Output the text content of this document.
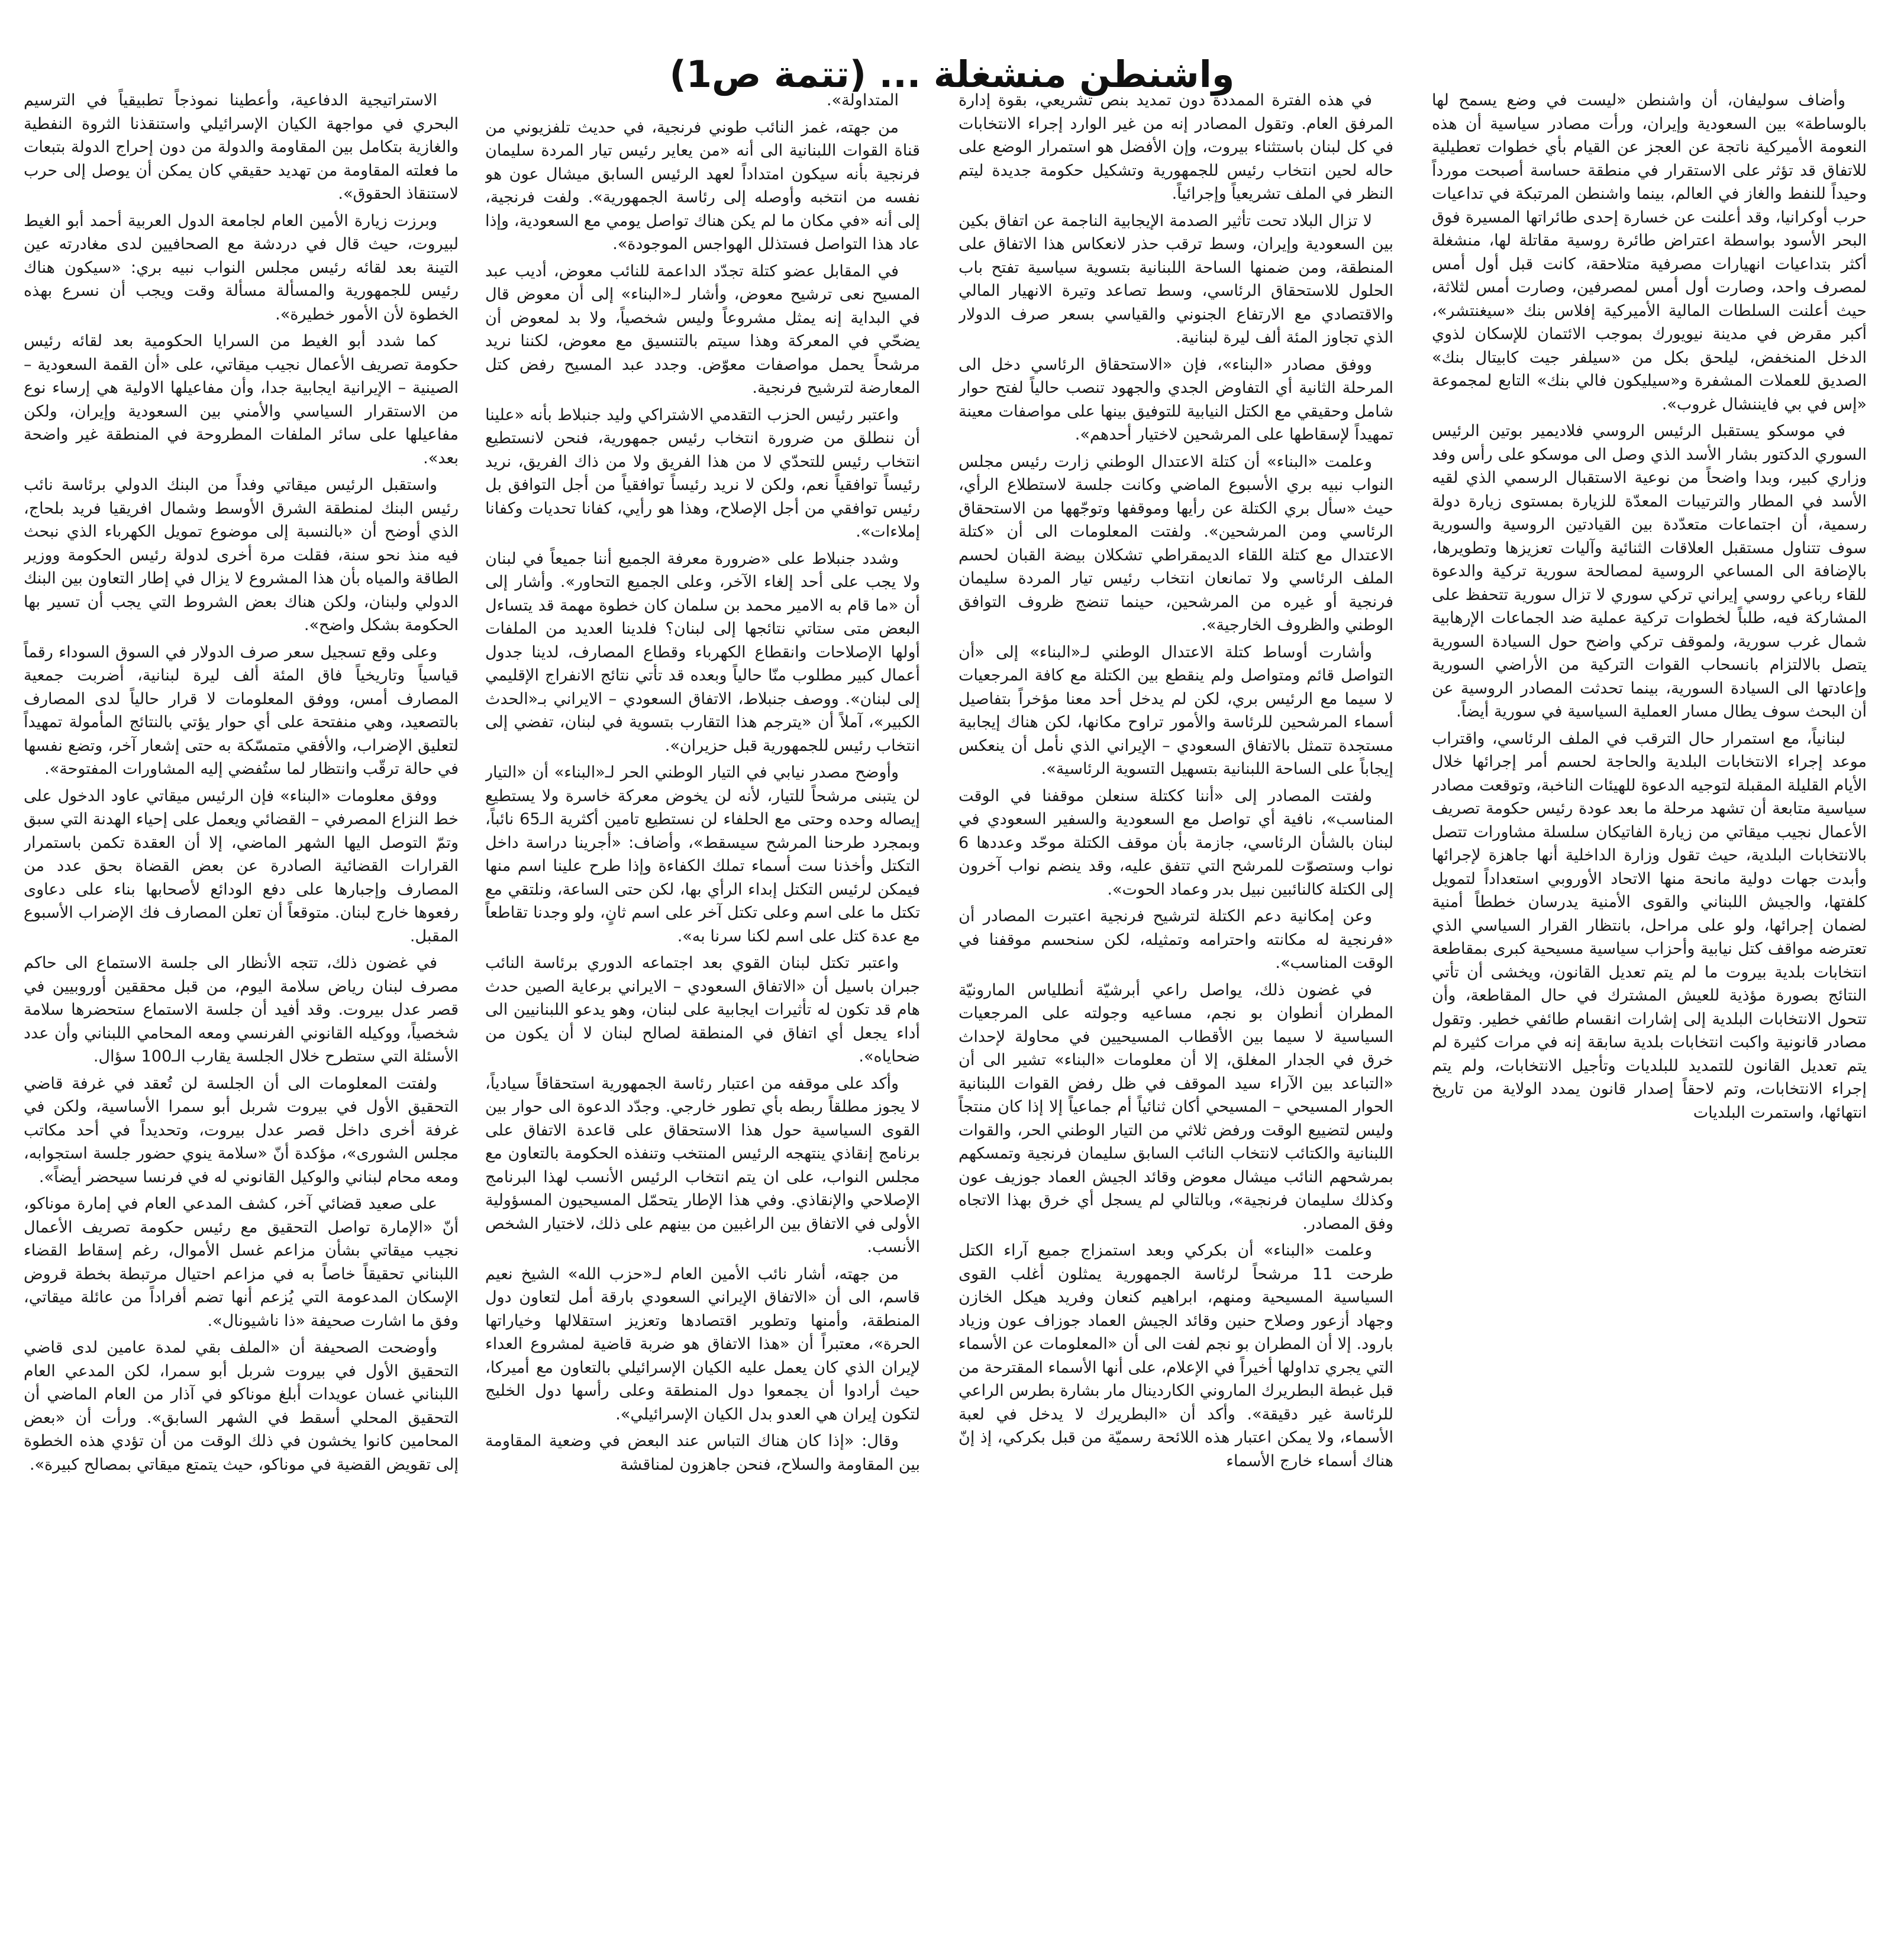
واشنطن منشغلة ... (تتمة ص1)

وأضاف سوليفان، أن واشنطن «ليست في وضع يسمح لها بالوساطة» بين السعودية وإيران، ورأت مصادر سياسية أن هذه النعومة الأميركية ناتجة عن العجز عن القيام بأي خطوات تعطيلية للاتفاق قد تؤثر على الاستقرار في منطقة حساسة أصبحت مورداً وحيداً للنفط والغاز في العالم، بينما واشنطن المرتبكة في تداعيات حرب أوكرانيا، وقد أعلنت عن خسارة إحدى طائراتها المسيرة فوق البحر الأسود بواسطة اعتراض طائرة روسية مقاتلة لها، منشغلة أكثر بتداعيات انهيارات مصرفية متلاحقة، كانت قبل أول أمس لمصرف واحد، وصارت أول أمس لمصرفين، وصارت أمس لثلاثة، حيث أعلنت السلطات المالية الأميركية إفلاس بنك «سيغنتشر»، أكبر مقرض في مدينة نيويورك بموجب الائتمان للإسكان لذوي الدخل المنخفض، ليلحق بكل من «سيلفر جيت كابيتال بنك» الصديق للعملات المشفرة و«سيليكون فالي بنك» التابع لمجموعة «إس في بي فايننشال غروب».

في موسكو يستقبل الرئيس الروسي فلاديمير بوتين الرئيس السوري الدكتور بشار الأسد الذي وصل الى موسكو على رأس وفد وزاري كبير، وبدا واضحاً من نوعية الاستقبال الرسمي الذي لقيه الأسد في المطار والترتيبات المعدّة للزيارة بمستوى زيارة دولة رسمية، أن اجتماعات متعدّدة بين القيادتين الروسية والسورية سوف تتناول مستقبل العلاقات الثنائية وآليات تعزيزها وتطويرها، بالإضافة الى المساعي الروسية لمصالحة سورية تركية والدعوة للقاء رباعي روسي إيراني تركي سوري لا تزال سورية تتحفظ على المشاركة فيه، طلباً لخطوات تركية عملية ضد الجماعات الإرهابية شمال غرب سورية، ولموقف تركي واضح حول السيادة السورية يتصل بالالتزام بانسحاب القوات التركية من الأراضي السورية وإعادتها الى السيادة السورية، بينما تحدثت المصادر الروسية عن أن البحث سوف يطال مسار العملية السياسية في سورية أيضاً.

لبنانياً، مع استمرار حال الترقب في الملف الرئاسي، واقتراب موعد إجراء الانتخابات البلدية والحاجة لحسم أمر إجرائها خلال الأيام القليلة المقبلة لتوجيه الدعوة للهيئات الناخبة، وتوقعت مصادر سياسية متابعة أن تشهد مرحلة ما بعد عودة رئيس حكومة تصريف الأعمال نجيب ميقاتي من زيارة الفاتيكان سلسلة مشاورات تتصل بالانتخابات البلدية، حيث تقول وزارة الداخلية أنها جاهزة لإجرائها وأبدت جهات دولية مانحة منها الاتحاد الأوروبي استعداداً لتمويل كلفتها، والجيش اللبناني والقوى الأمنية يدرسان خططاً أمنية لضمان إجرائها، ولو على مراحل، بانتظار القرار السياسي الذي تعترضه مواقف كتل نيابية وأحزاب سياسية مسيحية كبرى بمقاطعة انتخابات بلدية بيروت ما لم يتم تعديل القانون، ويخشى أن تأتي النتائج بصورة مؤذية للعيش المشترك في حال المقاطعة، وأن تتحول الانتخابات البلدية إلى إشارات انقسام طائفي خطير. وتقول مصادر قانونية واكبت انتخابات بلدية سابقة إنه في مرات كثيرة لم يتم تعديل القانون للتمديد للبلديات وتأجيل الانتخابات، ولم يتم إجراء الانتخابات، وتم لاحقاً إصدار قانون يمدد الولاية من تاريخ انتهائها، واستمرت البلديات

في هذه الفترة الممددة دون تمديد بنص تشريعي، بقوة إدارة المرفق العام. وتقول المصادر إنه من غير الوارد إجراء الانتخابات في كل لبنان باستثناء بيروت، وإن الأفضل هو استمرار الوضع على حاله لحين انتخاب رئيس للجمهورية وتشكيل حكومة جديدة ليتم النظر في الملف تشريعياً وإجرائياً.

لا تزال البلاد تحت تأثير الصدمة الإيجابية الناجمة عن اتفاق بكين بين السعودية وإيران، وسط ترقب حذر لانعكاس هذا الاتفاق على المنطقة، ومن ضمنها الساحة اللبنانية بتسوية سياسية تفتح باب الحلول للاستحقاق الرئاسي، وسط تصاعد وتيرة الانهيار المالي والاقتصادي مع الارتفاع الجنوني والقياسي بسعر صرف الدولار الذي تجاوز المئة ألف ليرة لبنانية.

ووفق مصادر «البناء»، فإن «الاستحقاق الرئاسي دخل الى المرحلة الثانية أي التفاوض الجدي والجهود تنصب حالياً لفتح حوار شامل وحقيقي مع الكتل النيابية للتوفيق بينها على مواصفات معينة تمهيداً لإسقاطها على المرشحين لاختيار أحدهم».

وعلمت «البناء» أن كتلة الاعتدال الوطني زارت رئيس مجلس النواب نبيه بري الأسبوع الماضي وكانت جلسة لاستطلاع الرأي، حيث «سأل بري الكتلة عن رأيها وموقفها وتوجّهها من الاستحقاق الرئاسي ومن المرشحين». ولفتت المعلومات الى أن «كتلة الاعتدال مع كتلة اللقاء الديمقراطي تشكلان بيضة القبان لحسم الملف الرئاسي ولا تمانعان انتخاب رئيس تيار المردة سليمان فرنجية أو غيره من المرشحين، حينما تنضج ظروف التوافق الوطني والظروف الخارجية».

وأشارت أوساط كتلة الاعتدال الوطني لـ«البناء» إلى «أن التواصل قائم ومتواصل ولم ينقطع بين الكتلة مع كافة المرجعيات لا سيما مع الرئيس بري، لكن لم يدخل أحد معنا مؤخراً بتفاصيل أسماء المرشحين للرئاسة والأمور تراوح مكانها، لكن هناك إيجابية مستجدة تتمثل بالاتفاق السعودي – الإيراني الذي نأمل أن ينعكس إيجاباً على الساحة اللبنانية بتسهيل التسوية الرئاسية».

ولفتت المصادر إلى «أننا ككتلة سنعلن موقفنا في الوقت المناسب»، نافية أي تواصل مع السعودية والسفير السعودي في لبنان بالشأن الرئاسي، جازمة بأن موقف الكتلة موحّد وعددها 6 نواب وستصوّت للمرشح التي تتفق عليه، وقد ينضم نواب آخرون إلى الكتلة كالنائبين نبيل بدر وعماد الحوت».

وعن إمكانية دعم الكتلة لترشيح فرنجية اعتبرت المصادر أن «فرنجية له مكانته واحترامه وتمثيله، لكن سنحسم موقفنا في الوقت المناسب».

في غضون ذلك، يواصل راعي أبرشيّة أنطلياس المارونيّة المطران أنطوان بو نجم، مساعيه وجولته على المرجعيات السياسية لا سيما بين الأقطاب المسيحيين في محاولة لإحداث خرق في الجدار المغلق، إلا أن معلومات «البناء» تشير الى أن «التباعد بين الآراء سيد الموقف في ظل رفض القوات اللبنانية الحوار المسيحي – المسيحي أكان ثنائياً أم جماعياً إلا إذا كان منتجاً وليس لتضييع الوقت ورفض ثلاثي من التيار الوطني الحر، والقوات اللبنانية والكتائب لانتخاب النائب السابق سليمان فرنجية وتمسكهم بمرشحهم النائب ميشال معوض وقائد الجيش العماد جوزيف عون وكذلك سليمان فرنجية»، وبالتالي لم يسجل أي خرق بهذا الاتجاه وفق المصادر.

وعلمت «البناء» أن بكركي وبعد استمزاج جميع آراء الكتل طرحت 11 مرشحاً لرئاسة الجمهورية يمثلون أغلب القوى السياسية المسيحية ومنهم، ابراهيم كنعان وفريد هيكل الخازن وجهاد أزعور وصلاح حنين وقائد الجيش العماد جوزاف عون وزياد بارود. إلا أن المطران بو نجم لفت الى أن «المعلومات عن الأسماء التي يجري تداولها أخيراً في الإعلام، على أنها الأسماء المقترحة من قبل غبطة البطريرك الماروني الكاردينال مار بشارة بطرس الراعي للرئاسة غير دقيقة». وأكد أن «البطريرك لا يدخل في لعبة الأسماء، ولا يمكن اعتبار هذه اللائحة رسميّة من قبل بكركي، إذ إنّ هناك أسماء خارج الأسماء

المتداولة».

من جهته، غمز النائب طوني فرنجية، في حديث تلفزيوني من قناة القوات اللبنانية الى أنه «من يعاير رئيس تيار المردة سليمان فرنجية بأنه سيكون امتداداً لعهد الرئيس السابق ميشال عون هو نفسه من انتخبه وأوصله إلى رئاسة الجمهورية». ولفت فرنجية، إلى أنه «في مكان ما لم يكن هناك تواصل يومي مع السعودية، وإذا عاد هذا التواصل فستذلل الهواجس الموجودة».

في المقابل عضو كتلة تجدّد الداعمة للنائب معوض، أديب عبد المسيح نعى ترشيح معوض، وأشار لـ«البناء» إلى أن معوض قال في البداية إنه يمثل مشروعاً وليس شخصياً، ولا بد لمعوض أن يضحّي في المعركة وهذا سيتم بالتنسيق مع معوض، لكننا نريد مرشحاً يحمل مواصفات معوّض. وجدد عبد المسيح رفض كتل المعارضة لترشيح فرنجية.

واعتبر رئيس الحزب التقدمي الاشتراكي وليد جنبلاط بأنه «علينا أن ننطلق من ضرورة انتخاب رئيس جمهورية، فنحن لانستطيع انتخاب رئيس للتحدّي لا من هذا الفريق ولا من ذاك الفريق، نريد رئيساً توافقياً نعم، ولكن لا نريد رئيساً توافقياً من أجل التوافق بل رئيس توافقي من أجل الإصلاح، وهذا هو رأيي، كفانا تحديات وكفانا إملاءات».

وشدد جنبلاط على «ضرورة معرفة الجميع أننا جميعاً في لبنان ولا يجب على أحد إلغاء الآخر، وعلى الجميع التحاور». وأشار إلى أن «ما قام به الامير محمد بن سلمان كان خطوة مهمة قد يتساءل البعض متى ستاتي نتائجها إلى لبنان؟ فلدينا العديد من الملفات أولها الإصلاحات وانقطاع الكهرباء وقطاع المصارف، لدينا جدول أعمال كبير مطلوب منّا حالياً وبعده قد تأتي نتائج الانفراج الإقليمي إلى لبنان». ووصف جنبلاط، الاتفاق السعودي – الايراني بـ«الحدث الكبير»، آملاً أن «يترجم هذا التقارب بتسوية في لبنان، تفضي إلى انتخاب رئيس للجمهورية قبل حزيران».

وأوضح مصدر نيابي في التيار الوطني الحر لـ«البناء» أن «التيار لن يتبنى مرشحاً للتيار، لأنه لن يخوض معركة خاسرة ولا يستطيع إيصاله وحده وحتى مع الحلفاء لن نستطيع تامين أكثرية الـ65 نائباً، وبمجرد طرحنا المرشح سيسقط»، وأضاف: «أجرينا دراسة داخل التكتل وأخذنا ست أسماء تملك الكفاءة وإذا طرح علينا اسم منها فيمكن لرئيس التكتل إبداء الرأي بها، لكن حتى الساعة، ونلتقي مع تكتل ما على اسم وعلى تكتل آخر على اسم ثانٍ، ولو وجدنا تقاطعاً مع عدة كتل على اسم لكنا سرنا به».

واعتبر تكتل لبنان القوي بعد اجتماعه الدوري برئاسة النائب جبران باسيل أن «الاتفاق السعودي – الايراني برعاية الصين حدث هام قد تكون له تأثيرات ايجابية على لبنان، وهو يدعو اللبنانيين الى أداء يجعل أي اتفاق في المنطقة لصالح لبنان لا أن يكون من ضحاياه».

وأكد على موقفه من اعتبار رئاسة الجمهورية استحقاقاً سيادياً، لا يجوز مطلقاً ربطه بأي تطور خارجي. وجدّد الدعوة الى حوار بين القوى السياسية حول هذا الاستحقاق على قاعدة الاتفاق على برنامج إنقاذي ينتهجه الرئيس المنتخب وتنفذه الحكومة بالتعاون مع مجلس النواب، على ان يتم انتخاب الرئيس الأنسب لهذا البرنامج الإصلاحي والإنقاذي. وفي هذا الإطار يتحمّل المسيحيون المسؤولية الأولى في الاتفاق بين الراغبين من بينهم على ذلك، لاختيار الشخص الأنسب.

من جهته، أشار نائب الأمين العام لـ«حزب الله» الشيخ نعيم قاسم، الى أن «الاتفاق الإيراني السعودي بارقة أمل لتعاون دول المنطقة، وأمنها وتطوير اقتصادها وتعزيز استقلالها وخياراتها الحرة»، معتبراً أن «هذا الاتفاق هو ضربة قاضية لمشروع العداء لإيران الذي كان يعمل عليه الكيان الإسرائيلي بالتعاون مع أميركا، حيث أرادوا أن يجمعوا دول المنطقة وعلى رأسها دول الخليج لتكون إيران هي العدو بدل الكيان الإسرائيلي».

وقال: «إذا كان هناك التباس عند البعض في وضعية المقاومة بين المقاومة والسلاح، فنحن جاهزون لمناقشة

الاستراتيجية الدفاعية، وأعطينا نموذجاً تطبيقياً في الترسيم البحري في مواجهة الكيان الإسرائيلي واستنقذنا الثروة النفطية والغازية بتكامل بين المقاومة والدولة من دون إحراج الدولة بتبعات ما فعلته المقاومة من تهديد حقيقي كان يمكن أن يوصل إلى حرب لاستنقاذ الحقوق».

وبرزت زيارة الأمين العام لجامعة الدول العربية أحمد أبو الغيط لبيروت، حيث قال في دردشة مع الصحافيين لدى مغادرته عين التينة بعد لقائه رئيس مجلس النواب نبيه بري: «سيكون هناك رئيس للجمهورية والمسألة مسألة وقت ويجب أن نسرع بهذه الخطوة لأن الأمور خطيرة».

كما شدد أبو الغيط من السرايا الحكومية بعد لقائه رئيس حكومة تصريف الأعمال نجيب ميقاتي، على «أن القمة السعودية – الصينية – الإيرانية ايجابية جدا، وأن مفاعيلها الاولية هي إرساء نوع من الاستقرار السياسي والأمني بين السعودية وإيران، ولكن مفاعيلها على سائر الملفات المطروحة في المنطقة غير واضحة بعد».

واستقبل الرئيس ميقاتي وفداً من البنك الدولي برئاسة نائب رئيس البنك لمنطقة الشرق الأوسط وشمال افريقيا فريد بلحاج، الذي أوضح أن «بالنسبة إلى موضوع تمويل الكهرباء الذي نبحث فيه منذ نحو سنة، فقلت مرة أخرى لدولة رئيس الحكومة ووزير الطاقة والمياه بأن هذا المشروع لا يزال في إطار التعاون بين البنك الدولي ولبنان، ولكن هناك بعض الشروط التي يجب أن تسير بها الحكومة بشكل واضح».

وعلى وقع تسجيل سعر صرف الدولار في السوق السوداء رقماً قياسياً وتاريخياً فاق المئة ألف ليرة لبنانية، أضربت جمعية المصارف أمس، ووفق المعلومات لا قرار حالياً لدى المصارف بالتصعيد، وهي منفتحة على أي حوار يؤتي بالنتائج المأمولة تمهيداً لتعليق الإضراب، والأفقي متمسّكة به حتى إشعار آخر، وتضع نفسها في حالة ترقّب وانتظار لما ستُفضي إليه المشاورات المفتوحة».

ووفق معلومات «البناء» فإن الرئيس ميقاتي عاود الدخول على خط النزاع المصرفي – القضائي ويعمل على إحياء الهدنة التي سبق وتمّ التوصل اليها الشهر الماضي، إلا أن العقدة تكمن باستمرار القرارات القضائية الصادرة عن بعض القضاة بحق عدد من المصارف وإجبارها على دفع الودائع لأصحابها بناء على دعاوى رفعوها خارج لبنان. متوقعاً أن تعلن المصارف فك الإضراب الأسبوع المقبل.

في غضون ذلك، تتجه الأنظار الى جلسة الاستماع الى حاكم مصرف لبنان رياض سلامة اليوم، من قبل محققين أوروبيين في قصر عدل بيروت. وقد أفيد أن جلسة الاستماع ستحضرها سلامة شخصياً، ووكيله القانوني الفرنسي ومعه المحامي اللبناني وأن عدد الأسئلة التي ستطرح خلال الجلسة يقارب الـ100 سؤال.

ولفتت المعلومات الى أن الجلسة لن تُعقد في غرفة قاضي التحقيق الأول في بيروت شربل أبو سمرا الأساسية، ولكن في غرفة أخرى داخل قصر عدل بيروت، وتحديداً في أحد مكاتب مجلس الشورى»، مؤكدة أنّ «سلامة ينوي حضور جلسة استجوابه، ومعه محام لبناني والوكيل القانوني له في فرنسا سيحضر أيضاً».

على صعيد قضائي آخر، كشف المدعي العام في إمارة موناكو، أنّ «الإمارة تواصل التحقيق مع رئيس حكومة تصريف الأعمال نجيب ميقاتي بشأن مزاعم غسل الأموال، رغم إسقاط القضاء اللبناني تحقيقاً خاصاً به في مزاعم احتيال مرتبطة بخطة قروض الإسكان المدعومة التي يُزعم أنها تضم أفراداً من عائلة ميقاتي، وفق ما اشارت صحيفة «ذا ناشيونال».

وأوضحت الصحيفة أن «الملف بقي لمدة عامين لدى قاضي التحقيق الأول في بيروت شربل أبو سمرا، لكن المدعي العام اللبناني غسان عويدات أبلغ موناكو في آذار من العام الماضي أن التحقيق المحلي أسقط في الشهر السابق». ورأت أن «بعض المحامين كانوا يخشون في ذلك الوقت من أن تؤدي هذه الخطوة إلى تقويض القضية في موناكو، حيث يتمتع ميقاتي بمصالح كبيرة».
